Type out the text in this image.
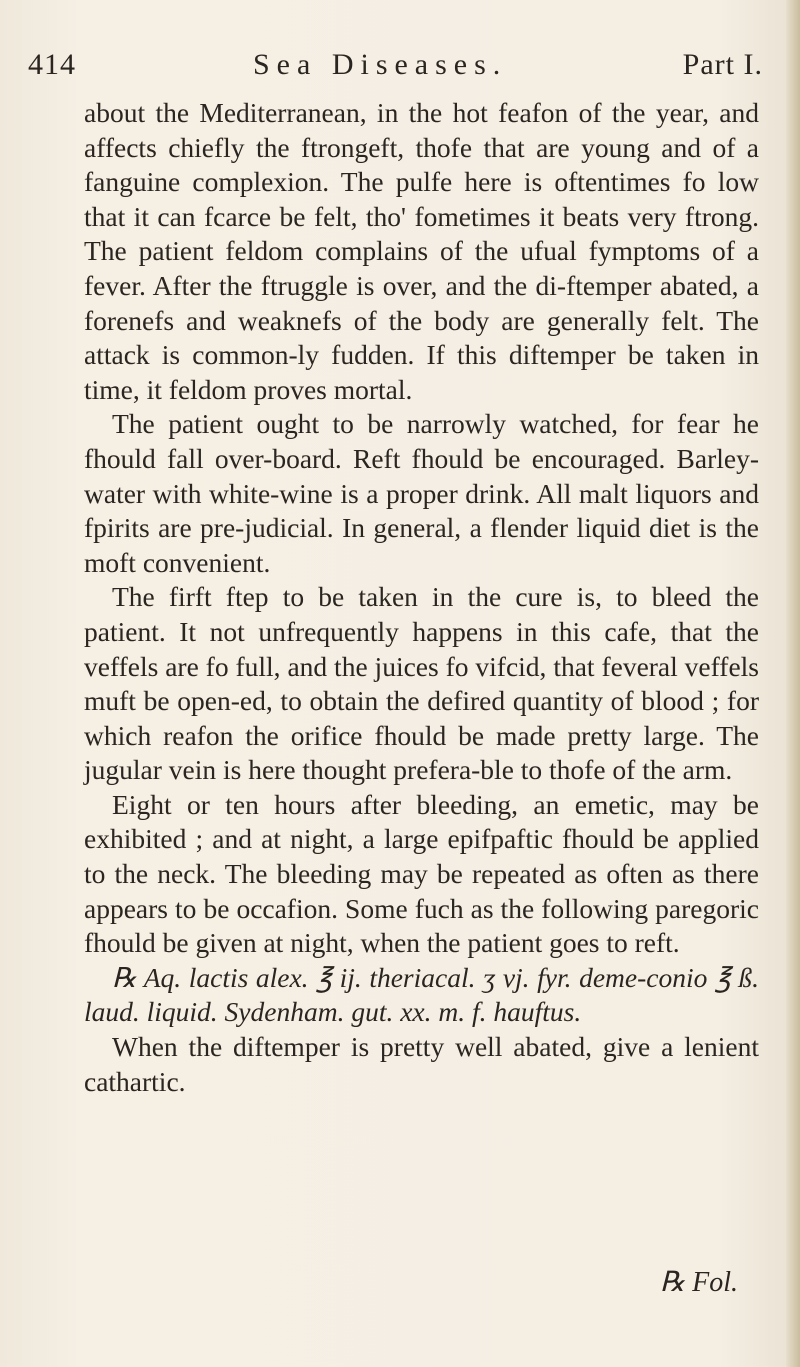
414	Sea Diseases.	Part I.

about the Mediterranean, in the hot feafon of the year, and affects chiefly the ftrongeft, thofe that are young and of a fanguine complexion. The pulfe here is oftentimes fo low that it can fcarce be felt, tho' fometimes it beats very ftrong. The patient feldom complains of the ufual fymptoms of a fever. After the ftruggle is over, and the di-ftemper abated, a forenefs and weaknefs of the body are generally felt. The attack is common-ly fudden. If this diftemper be taken in time, it feldom proves mortal.

The patient ought to be narrowly watched, for fear he fhould fall over-board. Reft fhould be encouraged. Barley-water with white-wine is a proper drink. All malt liquors and fpirits are pre-judicial. In general, a flender liquid diet is the moft convenient.

The firft ftep to be taken in the cure is, to bleed the patient. It not unfrequently happens in this cafe, that the veffels are fo full, and the juices fo vifcid, that feveral veffels muft be open-ed, to obtain the defired quantity of blood ; for which reafon the orifice fhould be made pretty large. The jugular vein is here thought prefera-ble to thofe of the arm.

Eight or ten hours after bleeding, an emetic, may be exhibited ; and at night, a large epifpaftic fhould be applied to the neck. The bleeding may be repeated as often as there appears to be occafion. Some fuch as the following paregoric fhould be given at night, when the patient goes to reft.

℞ Aq. lactis alex. ℥ ij. theriacal. ʒ vj. fyr. deme-conio ℥ ß. laud. liquid. Sydenham. gut. xx. m. f. hauftus.

When the diftemper is pretty well abated, give a lenient cathartic.

℞ Fol.
